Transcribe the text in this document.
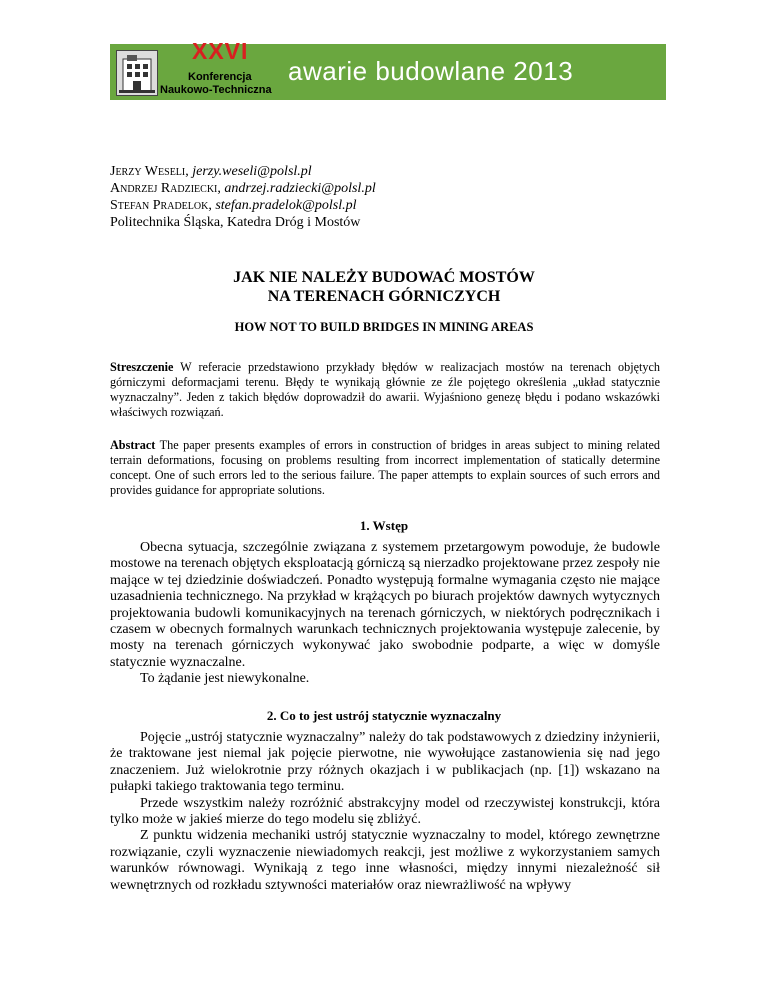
XXVI
Konferencja
Naukowo-Techniczna
awarie budowlane 2013
Jerzy Weseli, jerzy.weseli@polsl.pl
Andrzej Radziecki, andrzej.radziecki@polsl.pl
Stefan Pradelok, stefan.pradelok@polsl.pl
Politechnika Śląska, Katedra Dróg i Mostów
JAK NIE NALEŻY BUDOWAĆ MOSTÓW
NA TERENACH GÓRNICZYCH
HOW NOT TO BUILD BRIDGES IN MINING AREAS
Streszczenie W referacie przedstawiono przykłady błędów w realizacjach mostów na terenach objętych górniczymi deformacjami terenu. Błędy te wynikają głównie ze źle pojętego określenia „układ statycznie wyznaczalny”. Jeden z takich błędów doprowadził do awarii. Wyjaśniono genezę błędu i podano wskazówki właściwych rozwiązań.
Abstract The paper presents examples of errors in construction of bridges in areas subject to mining related terrain deformations, focusing on problems resulting from incorrect implementation of statically determine concept. One of such errors led to the serious failure. The paper attempts to explain sources of such errors and provides guidance for appropriate solutions.
1. Wstęp

Obecna sytuacja, szczególnie związana z systemem przetargowym powoduje, że budowle mostowe na terenach objętych eksploatacją górniczą są nierzadko projektowane przez zespoły nie mające w tej dziedzinie doświadczeń. Ponadto występują formalne wymagania często nie mające uzasadnienia technicznego. Na przykład w krążących po biurach projektów dawnych wytycznych projektowania budowli komunikacyjnych na terenach górniczych, w niektórych podręcznikach i czasem w obecnych formalnych warunkach technicznych projektowania występuje zalecenie, by mosty na terenach górniczych wykonywać jako swobodnie podparte, a więc w domyśle statycznie wyznaczalne.

To żądanie jest niewykonalne.

2. Co to jest ustrój statycznie wyznaczalny

Pojęcie „ustrój statycznie wyznaczalny” należy do tak podstawowych z dziedziny inżynierii, że traktowane jest niemal jak pojęcie pierwotne, nie wywołujące zastanowienia się nad jego znaczeniem. Już wielokrotnie przy różnych okazjach i w publikacjach (np. [1]) wskazano na pułapki takiego traktowania tego terminu.

Przede wszystkim należy rozróżnić abstrakcyjny model od rzeczywistej konstrukcji, która tylko może w jakieś mierze do tego modelu się zbliżyć.

Z punktu widzenia mechaniki ustrój statycznie wyznaczalny to model, którego zewnętrzne rozwiązanie, czyli wyznaczenie niewiadomych reakcji, jest możliwe z wykorzystaniem samych warunków równowagi. Wynikają z tego inne własności, między innymi niezależność sił wewnętrznych od rozkładu sztywności materiałów oraz niewrażliwość na wpływy
